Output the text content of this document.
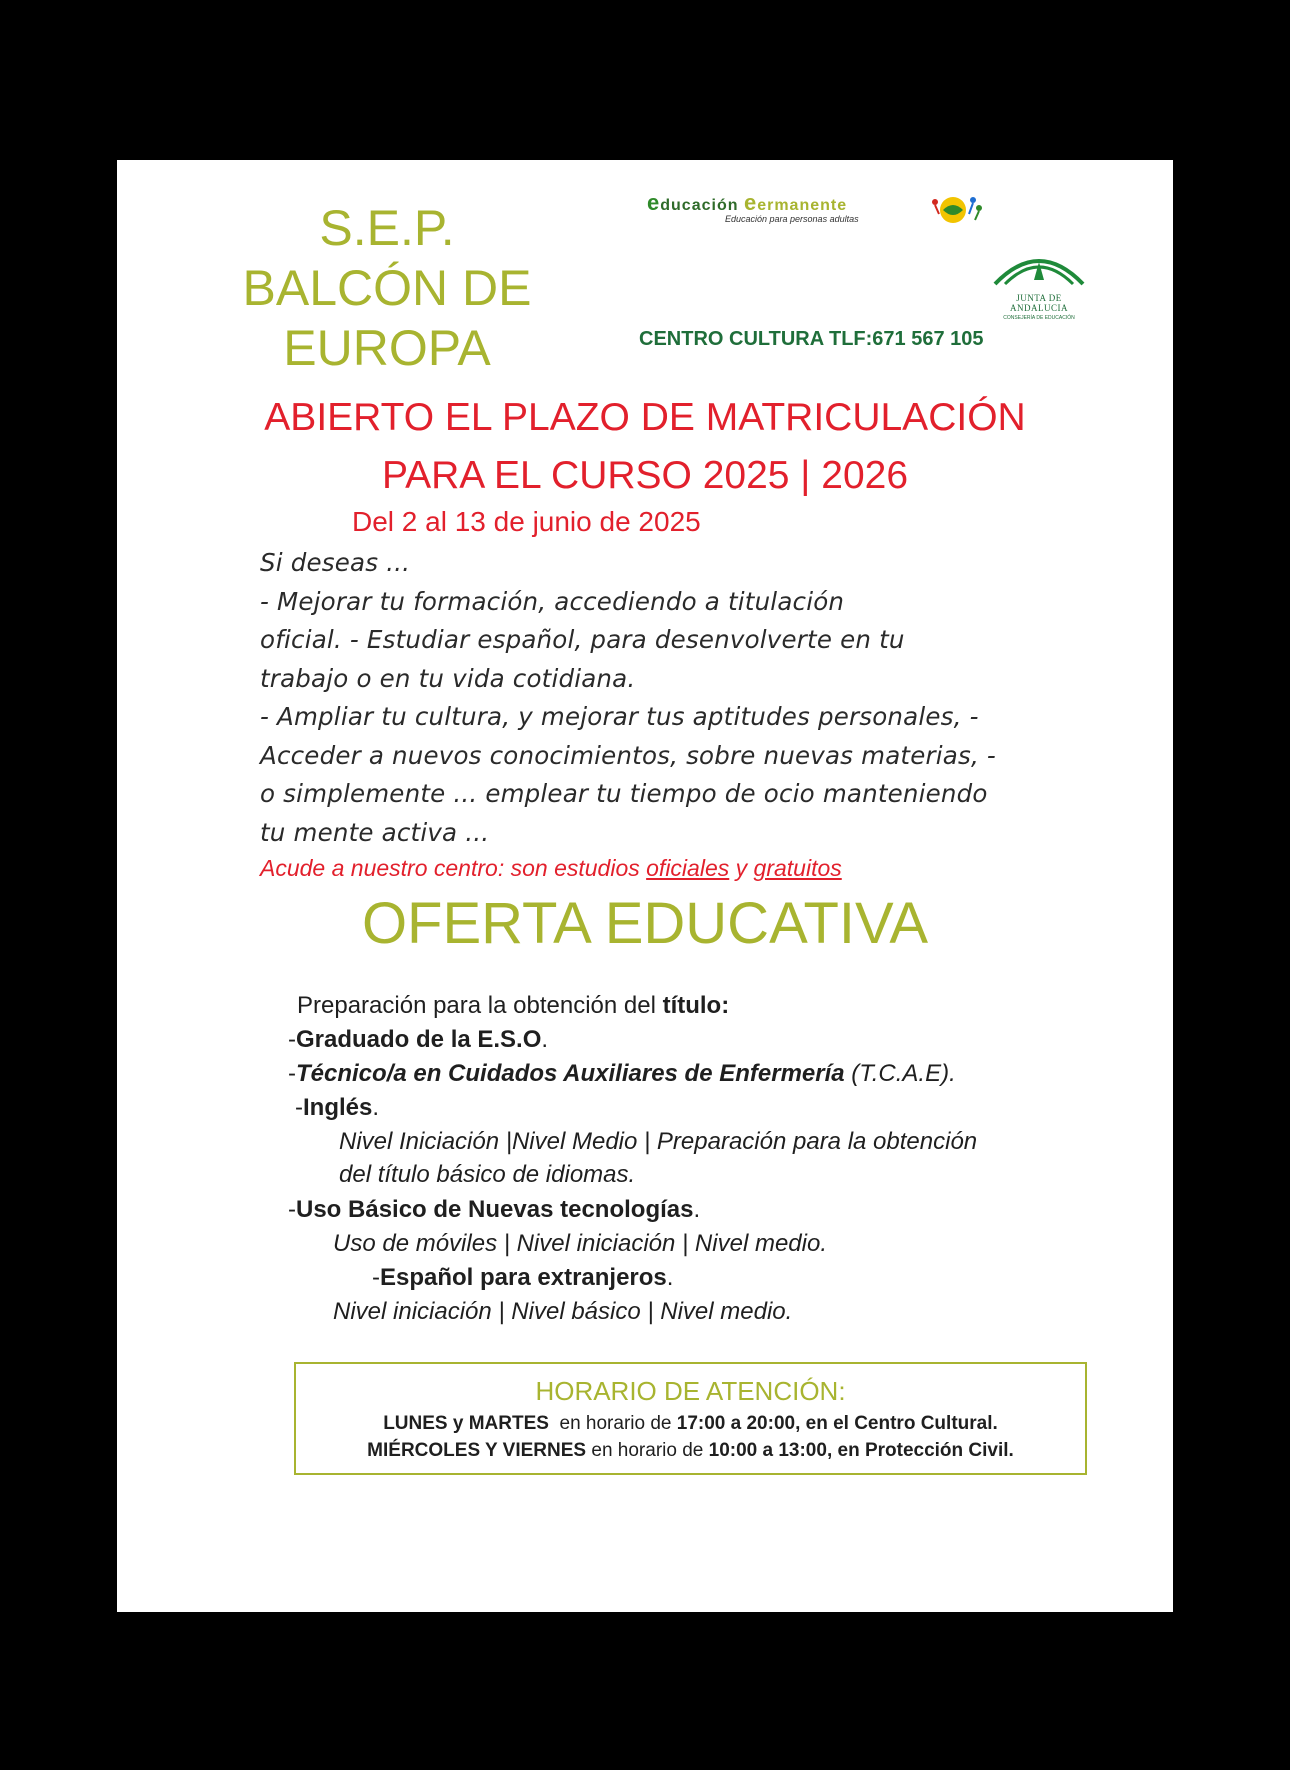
S.E.P.
BALCÓN DE
EUROPA
educación eermanente
Educación para personas adultas
JUNTA DE ANDALUCIA
CONSEJERÍA DE EDUCACIÓN
CENTRO CULTURA TLF:671 567 105
ABIERTO EL PLAZO DE MATRICULACIÓN
PARA EL CURSO 2025 | 2026
Del 2 al 13 de junio de 2025
Si deseas ...
- Mejorar tu formación, accediendo a titulación
oficial. - Estudiar español, para desenvolverte en tu
trabajo o en tu vida cotidiana.
- Ampliar tu cultura, y mejorar tus aptitudes personales, -
Acceder a nuevos conocimientos, sobre nuevas materias, -
o simplemente ... emplear tu tiempo de ocio manteniendo
tu mente activa ...
Acude a nuestro centro: son estudios oficiales y gratuitos
OFERTA EDUCATIVA
Preparación para la obtención del título:
-Graduado de la E.S.O.
-Técnico/a en Cuidados Auxiliares de Enfermería (T.C.A.E).
-Inglés.
Nivel Iniciación |Nivel Medio | Preparación para la obtención
del título básico de idiomas.
-Uso Básico de Nuevas tecnologías.
Uso de móviles | Nivel iniciación | Nivel medio.
-Español para extranjeros.
Nivel iniciación | Nivel básico | Nivel medio.
HORARIO DE ATENCIÓN:
LUNES y MARTES  en horario de 17:00 a 20:00, en el Centro Cultural.
MIÉRCOLES Y VIERNES en horario de 10:00 a 13:00, en Protección Civil.
